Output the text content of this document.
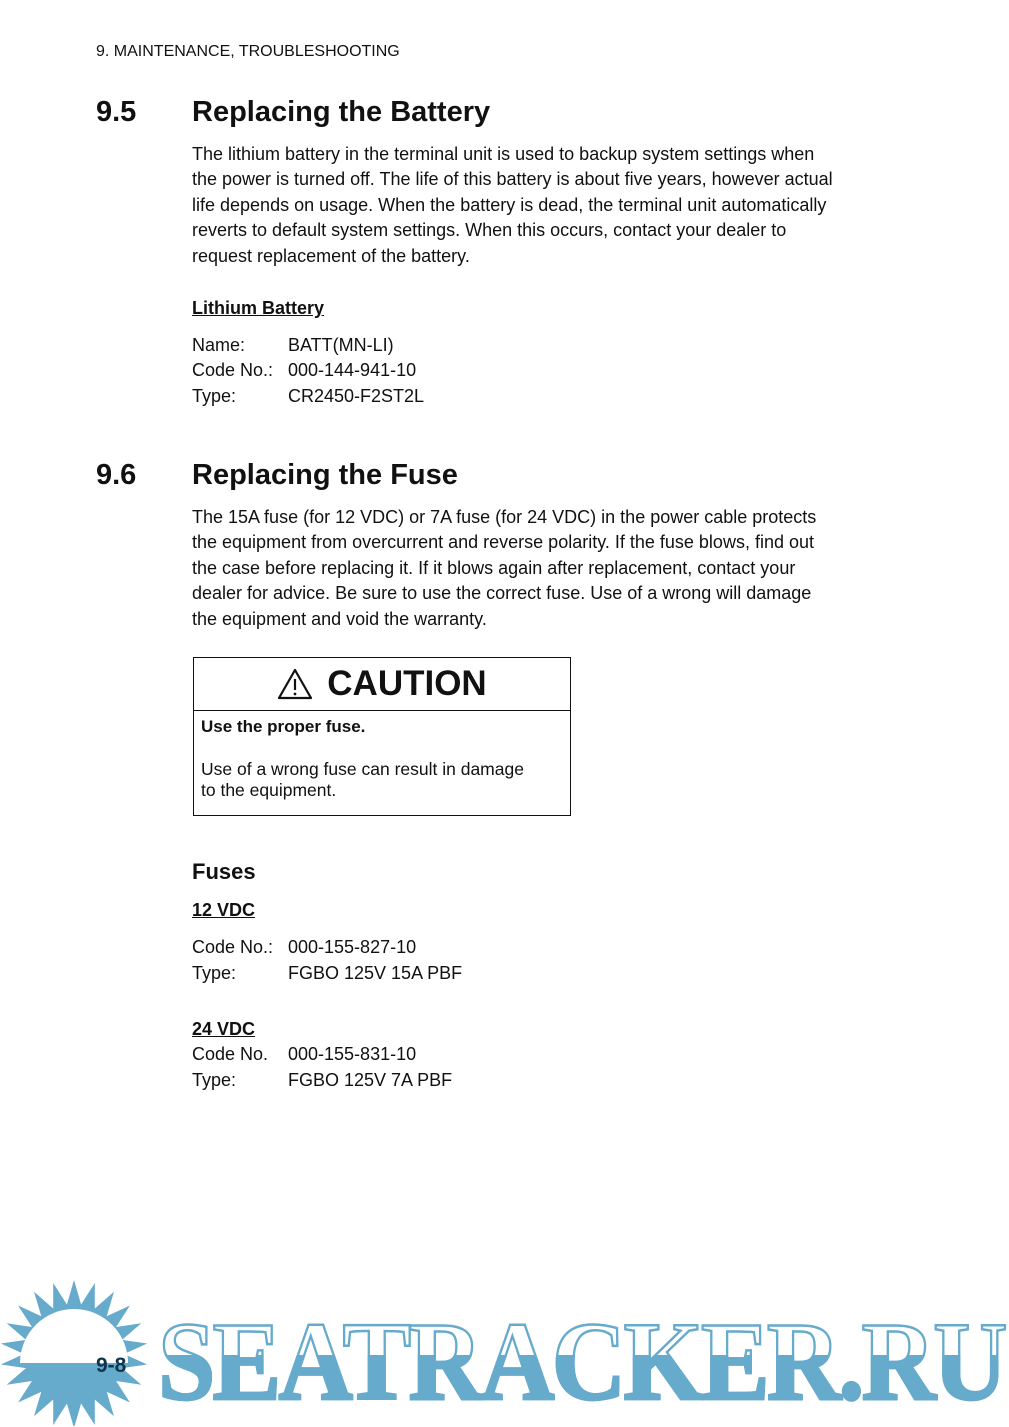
9. MAINTENANCE, TROUBLESHOOTING
9.5 Replacing the Battery
The lithium battery in the terminal unit is used to backup system settings when
the power is turned off. The life of this battery is about five years, however actual
life depends on usage. When the battery is dead, the terminal unit automatically
reverts to default system settings. When this occurs, contact your dealer to
request replacement of the battery.
Lithium Battery
Name: BATT(MN-LI)
Code No.: 000-144-941-10
Type:	CR2450-F2ST2L
9.6 Replacing the Fuse
The 15A fuse (for 12 VDC) or 7A fuse (for 24 VDC) in the power cable protects
the equipment from overcurrent and reverse polarity. If the fuse blows, find out
the case before replacing it. If it blows again after replacement, contact your
dealer for advice. Be sure to use the correct fuse. Use of a wrong will damage
the equipment and void the warranty.
CAUTION
Use the proper fuse.
Use of a wrong fuse can result in damage
to the equipment.
Fuses
12 VDC
Code No.: 000-155-827-10
Type:	FGBO 125V 15A PBF
24 VDC
Code No. 000-155-831-10
Type:	FGBO 125V 7A PBF
9-8 SEATRACKER.RU
